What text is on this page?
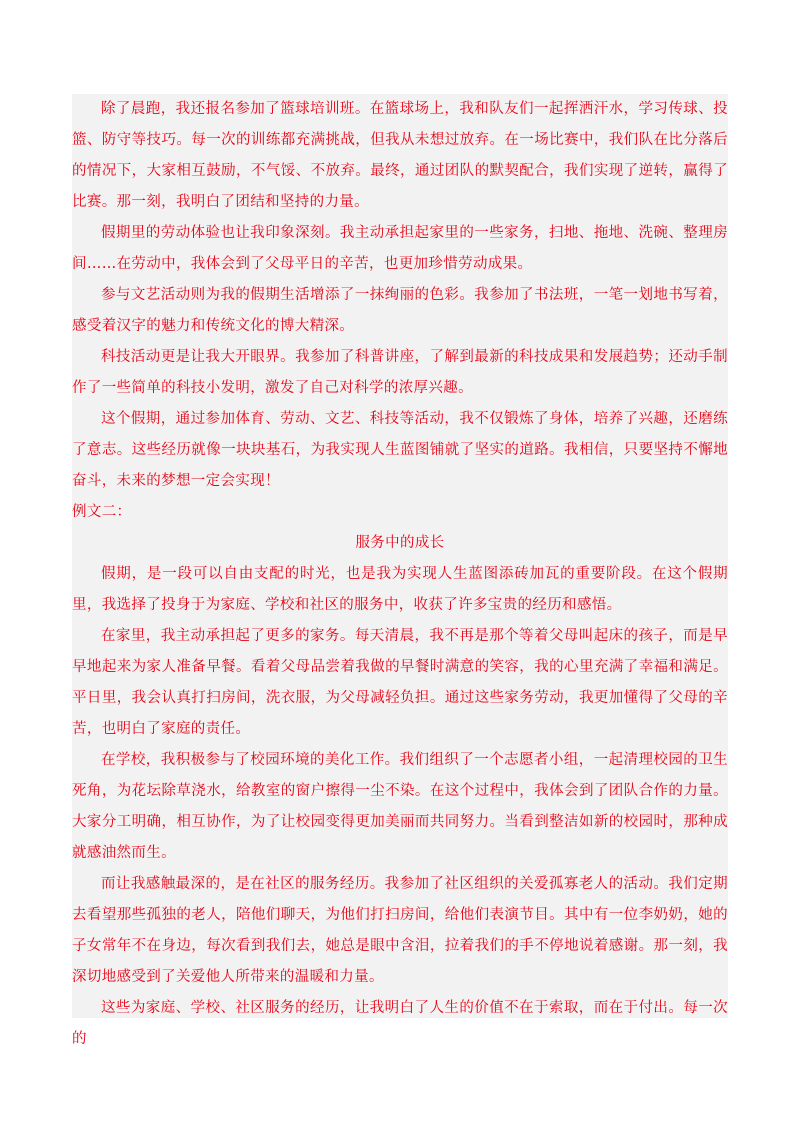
除了晨跑，我还报名参加了篮球培训班。在篮球场上，我和队友们一起挥洒汗水，学习传球、投篮、防守等技巧。每一次的训练都充满挑战，但我从未想过放弃。在一场比赛中，我们队在比分落后的情况下，大家相互鼓励，不气馁、不放弃。最终，通过团队的默契配合，我们实现了逆转，赢得了比赛。那一刻，我明白了团结和坚持的力量。

假期里的劳动体验也让我印象深刻。我主动承担起家里的一些家务，扫地、拖地、洗碗、整理房间……在劳动中，我体会到了父母平日的辛苦，也更加珍惜劳动成果。

参与文艺活动则为我的假期生活增添了一抹绚丽的色彩。我参加了书法班，一笔一划地书写着，感受着汉字的魅力和传统文化的博大精深。

科技活动更是让我大开眼界。我参加了科普讲座，了解到最新的科技成果和发展趋势；还动手制作了一些简单的科技小发明，激发了自己对科学的浓厚兴趣。

这个假期，通过参加体育、劳动、文艺、科技等活动，我不仅锻炼了身体，培养了兴趣，还磨练了意志。这些经历就像一块块基石，为我实现人生蓝图铺就了坚实的道路。我相信，只要坚持不懈地奋斗，未来的梦想一定会实现！

例文二：

服务中的成长

假期，是一段可以自由支配的时光，也是我为实现人生蓝图添砖加瓦的重要阶段。在这个假期里，我选择了投身于为家庭、学校和社区的服务中，收获了许多宝贵的经历和感悟。

在家里，我主动承担起了更多的家务。每天清晨，我不再是那个等着父母叫起床的孩子，而是早早地起来为家人准备早餐。看着父母品尝着我做的早餐时满意的笑容，我的心里充满了幸福和满足。平日里，我会认真打扫房间，洗衣服，为父母减轻负担。通过这些家务劳动，我更加懂得了父母的辛苦，也明白了家庭的责任。

在学校，我积极参与了校园环境的美化工作。我们组织了一个志愿者小组，一起清理校园的卫生死角，为花坛除草浇水，给教室的窗户擦得一尘不染。在这个过程中，我体会到了团队合作的力量。大家分工明确，相互协作，为了让校园变得更加美丽而共同努力。当看到整洁如新的校园时，那种成就感油然而生。

而让我感触最深的，是在社区的服务经历。我参加了社区组织的关爱孤寡老人的活动。我们定期去看望那些孤独的老人，陪他们聊天，为他们打扫房间，给他们表演节目。其中有一位李奶奶，她的子女常年不在身边，每次看到我们去，她总是眼中含泪，拉着我们的手不停地说着感谢。那一刻，我深切地感受到了关爱他人所带来的温暖和力量。

这些为家庭、学校、社区服务的经历，让我明白了人生的价值不在于索取，而在于付出。每一次的
